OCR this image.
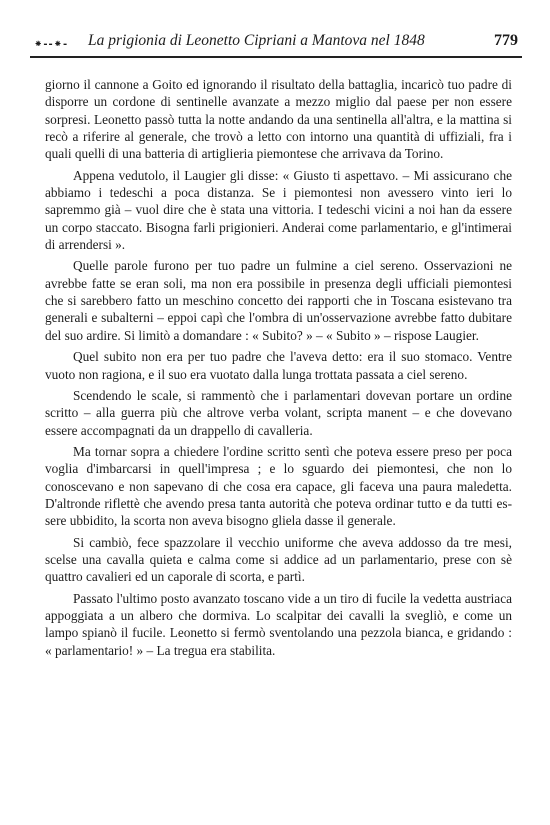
⁕--⁕- La prigionia di Leonetto Cipriani a Mantova nel 1848	779

giorno il cannone a Goito ed ignorando il risultato della battaglia, incaricò tuo padre di disporre un cordone di sentinelle avanzate a mezzo miglio dal paese per non essere sorpresi. Leonetto passò tutta la notte andando da una sentinella all'altra, e la mattina si recò a riferire al generale, che trovò a letto con intorno una quantità di uffiziali, fra i quali quelli di una batteria di artiglieria piemontese che arrivava da Torino.

Appena vedutolo, il Laugier gli disse: « Giusto ti aspettavo. – Mi assicurano che abbiamo i tedeschi a poca distanza. Se i piemontesi non avessero vinto ieri lo sapremmo già – vuol dire che è stata una vittoria. I tedeschi vicini a noi han da essere un corpo staccato. Bisogna farli prigionieri. Anderai come parlamentario, e gl'intimerai di arrendersi ».

Quelle parole furono per tuo padre un fulmine a ciel sereno. Osservazioni ne avrebbe fatte se eran soli, ma non era possibile in presenza degli ufficiali piemontesi che si sarebbero fatto un meschino concetto dei rapporti che in Toscana esistevano tra generali e subalterni – eppoi capì che l'ombra di un'osservazione avrebbe fatto dubitare del suo ardire. Si limitò a domandare : « Subito? » – « Subito » – rispose Laugier.

Quel subito non era per tuo padre che l'aveva detto: era il suo stomaco. Ventre vuoto non ragiona, e il suo era vuotato dalla lunga trottata passata a ciel sereno.

Scendendo le scale, si rammentò che i parlamentari dovevan portare un ordine scritto – alla guerra più che altrove verba volant, scripta manent – e che dovevano essere accompagnati da un drappello di cavalleria.

Ma tornar sopra a chiedere l'ordine scritto sentì che poteva essere preso per poca voglia d'imbarcarsi in quell'impresa ; e lo sguardo dei piemontesi, che non lo conoscevano e non sapevano di che cosa era capace, gli faceva una paura maledetta. D'altronde riflettè che avendo presa tanta autorità che poteva ordinar tutto e da tutti essere ubbidito, la scorta non aveva bisogno gliela dasse il generale.

Si cambiò, fece spazzolare il vecchio uniforme che aveva addosso da tre mesi, scelse una cavalla quieta e calma come si addice ad un parlamentario, prese con sè quattro cavalieri ed un caporale di scorta, e partì.

Passato l'ultimo posto avanzato toscano vide a un tiro di fucile la vedetta austriaca appoggiata a un albero che dormiva. Lo scalpitar dei cavalli la svegliò, e come un lampo spianò il fucile. Leonetto si fermò sventolando una pezzola bianca, e gridando : « parlamentario! » – La tregua era stabilita.
